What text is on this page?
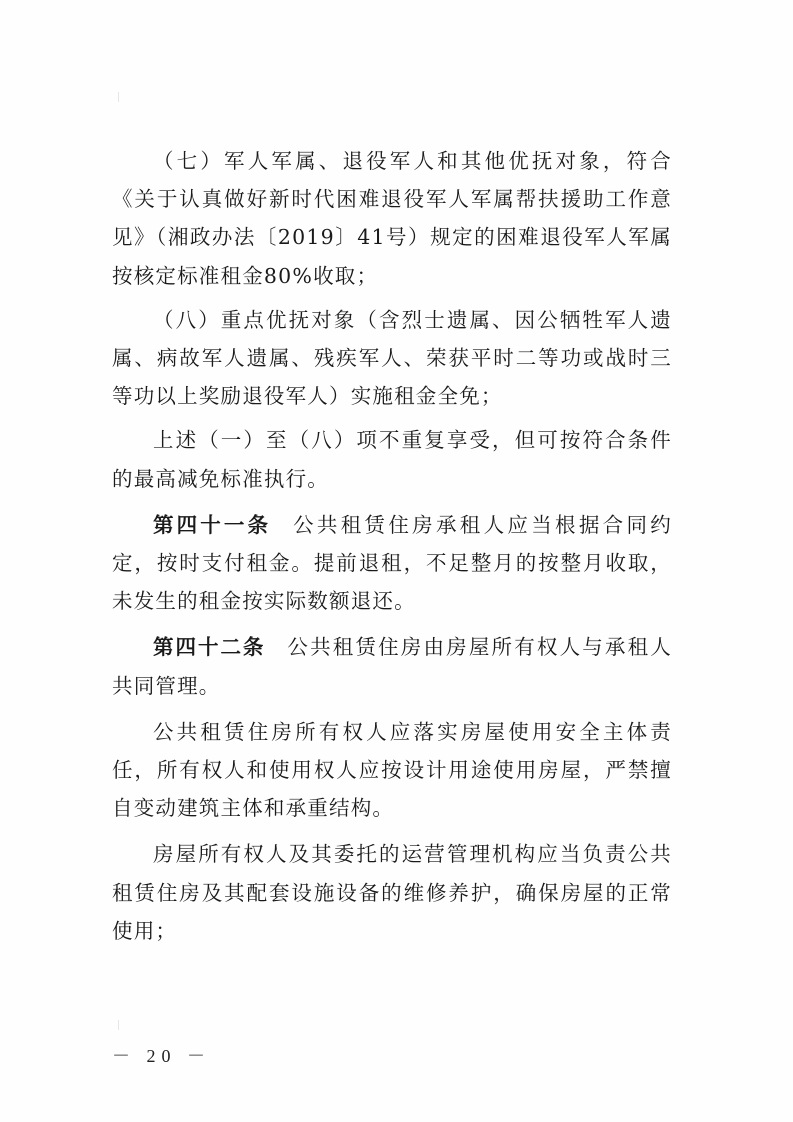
（七）军人军属、退役军人和其他优抚对象，符合《关于认真做好新时代困难退役军人军属帮扶援助工作意见》（湘政办法〔2019〕41号）规定的困难退役军人军属按核定标准租金80%收取；

（八）重点优抚对象（含烈士遗属、因公牺牲军人遗属、病故军人遗属、残疾军人、荣获平时二等功或战时三等功以上奖励退役军人）实施租金全免；

上述（一）至（八）项不重复享受，但可按符合条件的最高减免标准执行。

第四十一条 公共租赁住房承租人应当根据合同约定，按时支付租金。提前退租，不足整月的按整月收取，未发生的租金按实际数额退还。

第四十二条 公共租赁住房由房屋所有权人与承租人共同管理。

公共租赁住房所有权人应落实房屋使用安全主体责任，所有权人和使用权人应按设计用途使用房屋，严禁擅自变动建筑主体和承重结构。

房屋所有权人及其委托的运营管理机构应当负责公共租赁住房及其配套设施设备的维修养护，确保房屋的正常使用；

－ 20 －
